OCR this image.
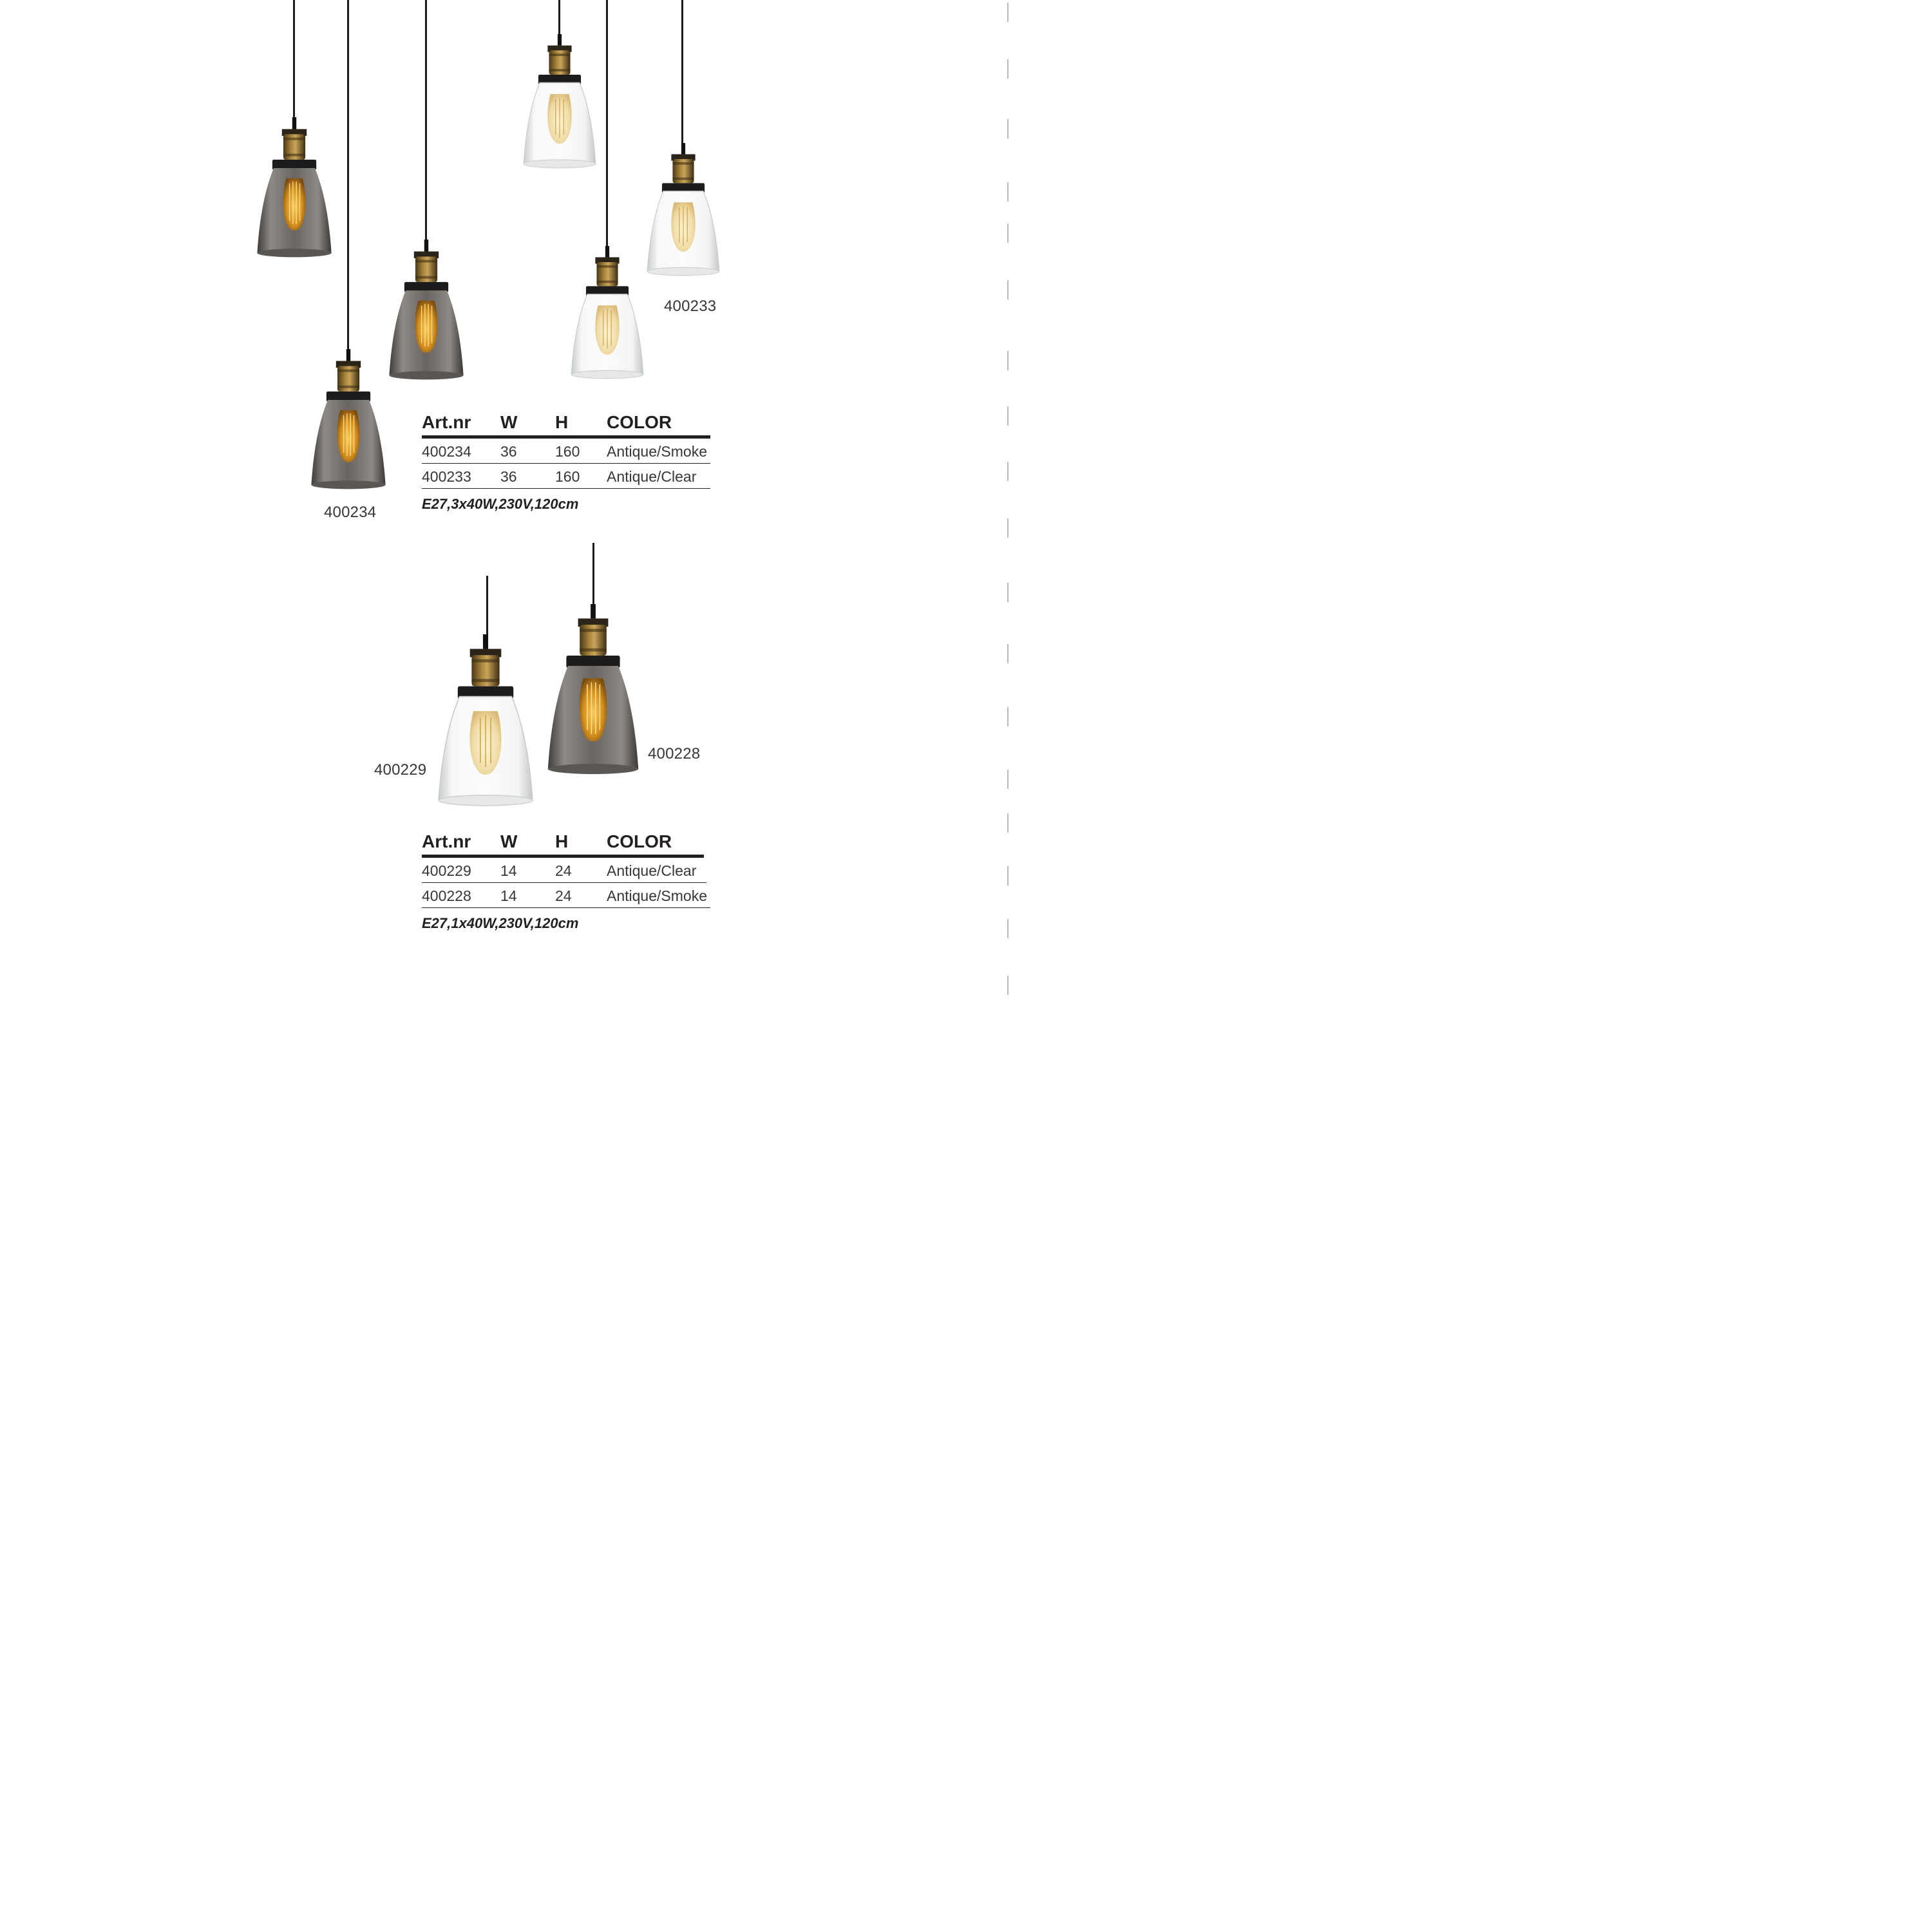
400234
400233
Art.nr W H COLOR
400234 36	160 Antique/Smoke
400233 36	160 Antique/Clear
E27,3x40W,230V,120cm
400229
400228
Art.nr W H COLOR
400229 14	24 Antique/Clear
400228 14	24 Antique/Smoke
E27,1x40W,230V,120cm
